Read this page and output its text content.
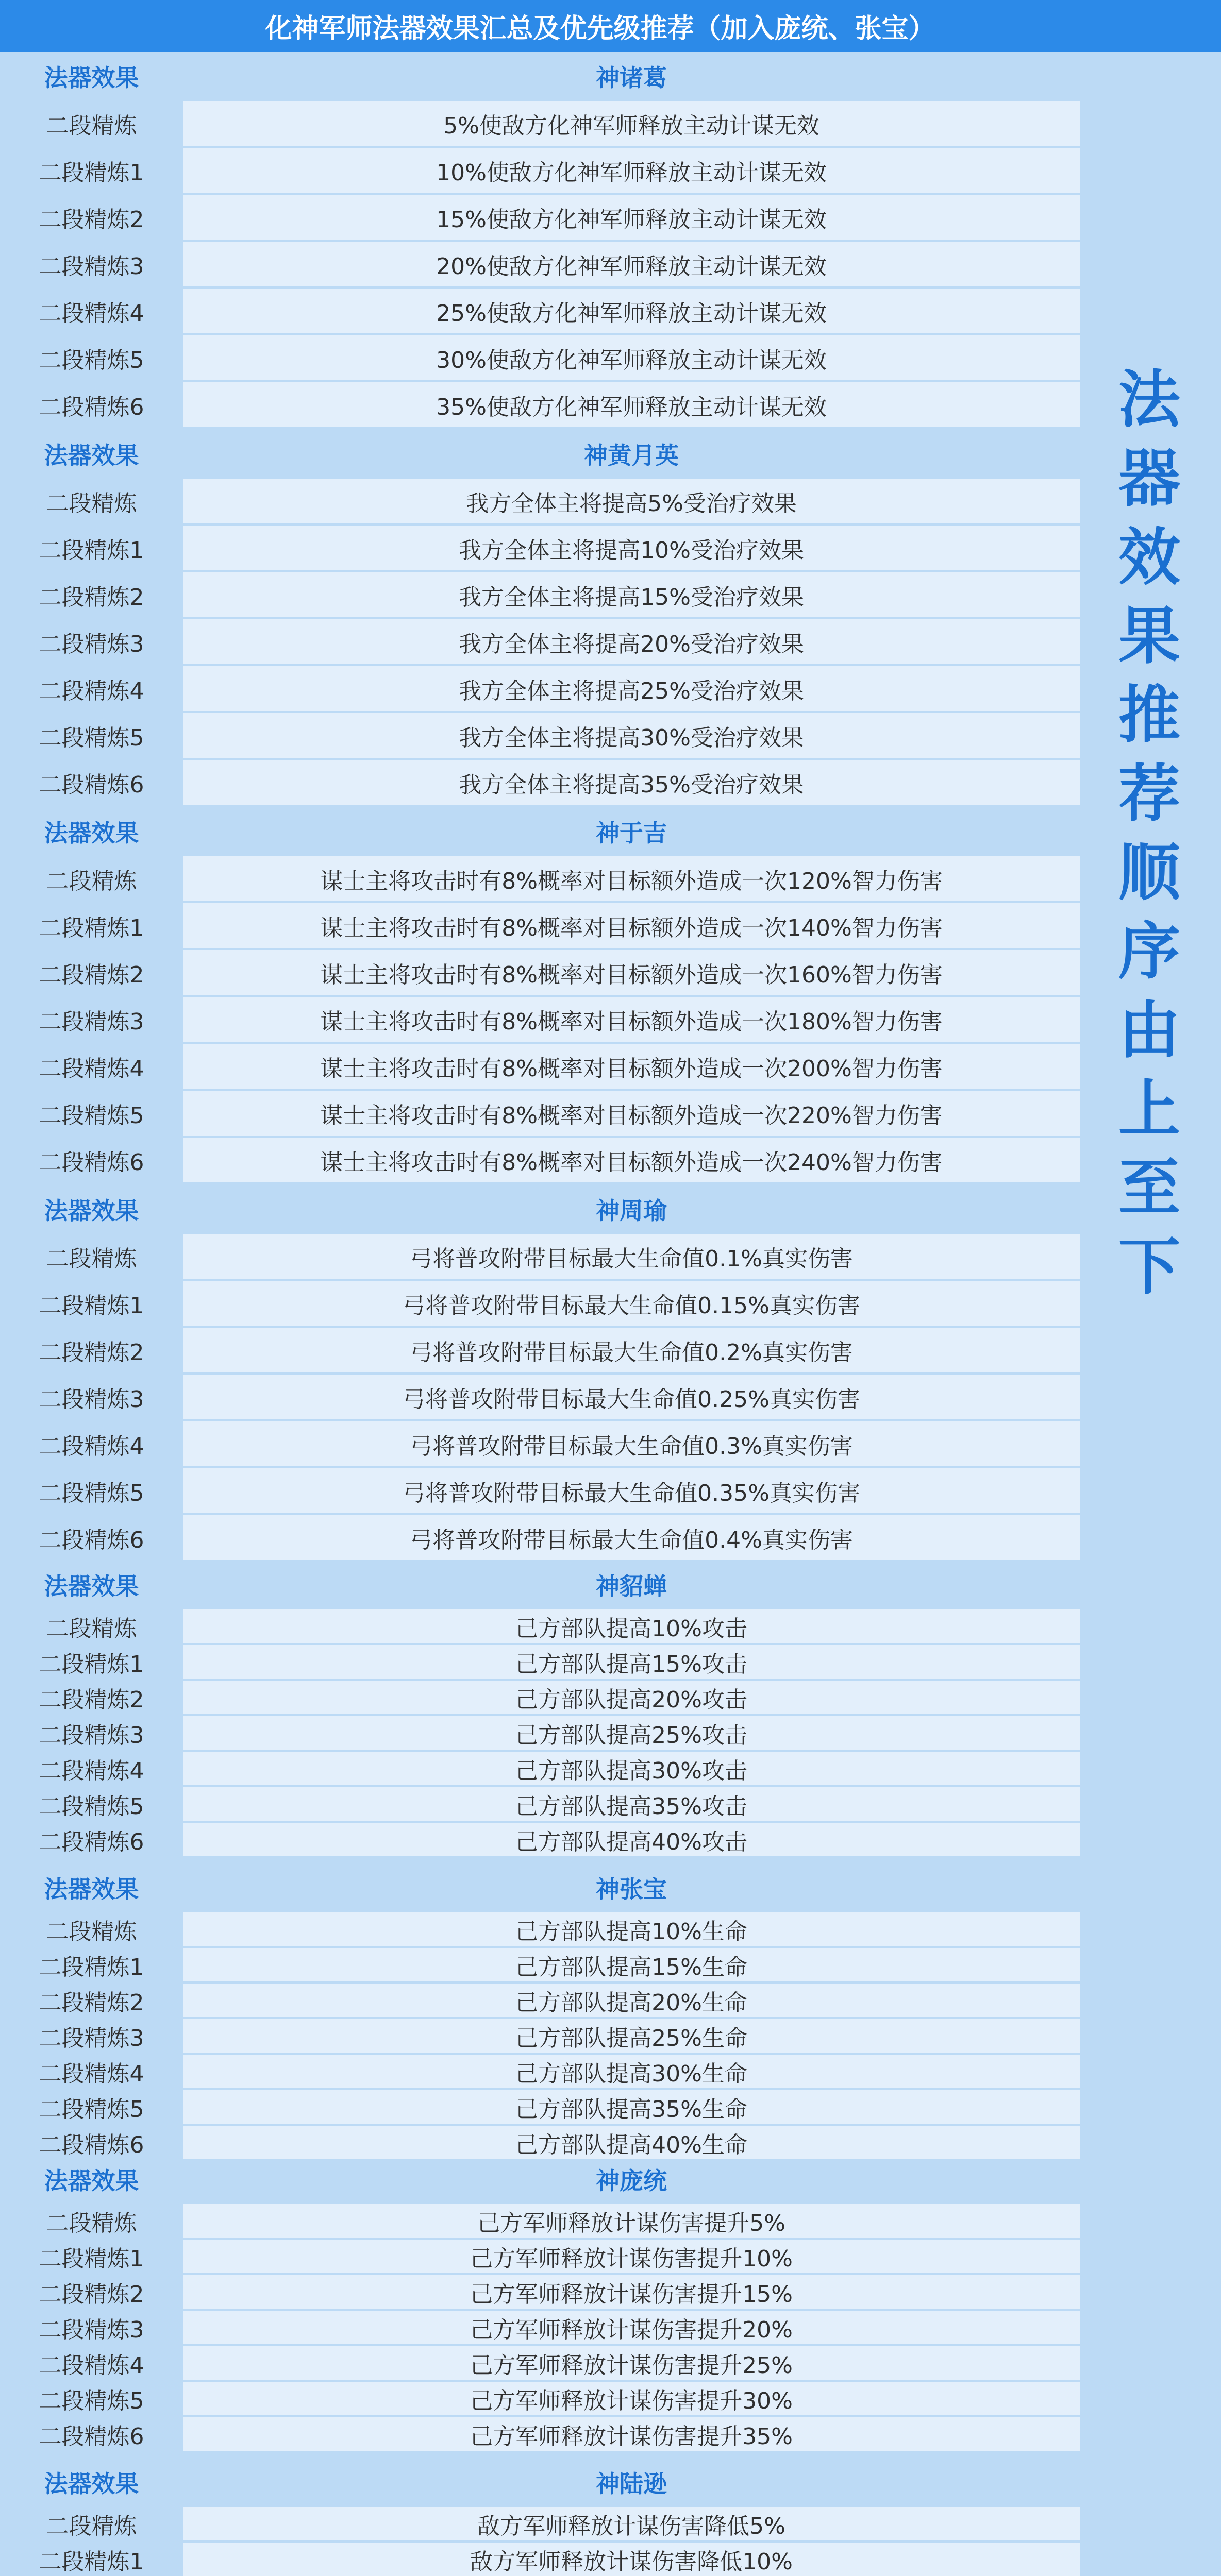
化神军师法器效果汇总及优先级推荐（加入庞统、张宝）
法器效果	神诸葛
二段精炼	5%使敌方化神军师释放主动计谋无效
二段精炼1	10%使敌方化神军师释放主动计谋无效
二段精炼2	15%使敌方化神军师释放主动计谋无效
二段精炼3	20%使敌方化神军师释放主动计谋无效
二段精炼4	25%使敌方化神军师释放主动计谋无效
二段精炼5	30%使敌方化神军师释放主动计谋无效
二段精炼6	35%使敌方化神军师释放主动计谋无效
法器效果	神黄月英
二段精炼	我方全体主将提高5%受治疗效果
二段精炼1	我方全体主将提高10%受治疗效果
二段精炼2	我方全体主将提高15%受治疗效果
二段精炼3	我方全体主将提高20%受治疗效果
二段精炼4	我方全体主将提高25%受治疗效果
二段精炼5	我方全体主将提高30%受治疗效果
二段精炼6	我方全体主将提高35%受治疗效果
法器效果	神于吉
二段精炼	谋士主将攻击时有8%概率对目标额外造成一次120%智力伤害
二段精炼1	谋士主将攻击时有8%概率对目标额外造成一次140%智力伤害
二段精炼2	谋士主将攻击时有8%概率对目标额外造成一次160%智力伤害
二段精炼3	谋士主将攻击时有8%概率对目标额外造成一次180%智力伤害
二段精炼4	谋士主将攻击时有8%概率对目标额外造成一次200%智力伤害
二段精炼5	谋士主将攻击时有8%概率对目标额外造成一次220%智力伤害
二段精炼6	谋士主将攻击时有8%概率对目标额外造成一次240%智力伤害
法器效果	神周瑜
二段精炼	弓将普攻附带目标最大生命值0.1%真实伤害
二段精炼1	弓将普攻附带目标最大生命值0.15%真实伤害
二段精炼2	弓将普攻附带目标最大生命值0.2%真实伤害
二段精炼3	弓将普攻附带目标最大生命值0.25%真实伤害
二段精炼4	弓将普攻附带目标最大生命值0.3%真实伤害
二段精炼5	弓将普攻附带目标最大生命值0.35%真实伤害
二段精炼6	弓将普攻附带目标最大生命值0.4%真实伤害
法器效果	神貂蝉
二段精炼	己方部队提高10%攻击
二段精炼1	己方部队提高15%攻击
二段精炼2	己方部队提高20%攻击
二段精炼3	己方部队提高25%攻击
二段精炼4	己方部队提高30%攻击
二段精炼5	己方部队提高35%攻击
二段精炼6	己方部队提高40%攻击
法器效果	神张宝
二段精炼	己方部队提高10%生命
二段精炼1	己方部队提高15%生命
二段精炼2	己方部队提高20%生命
二段精炼3	己方部队提高25%生命
二段精炼4	己方部队提高30%生命
二段精炼5	己方部队提高35%生命
二段精炼6	己方部队提高40%生命
法器效果	神庞统
二段精炼	己方军师释放计谋伤害提升5%
二段精炼1	己方军师释放计谋伤害提升10%
二段精炼2	己方军师释放计谋伤害提升15%
二段精炼3	己方军师释放计谋伤害提升20%
二段精炼4	己方军师释放计谋伤害提升25%
二段精炼5	己方军师释放计谋伤害提升30%
二段精炼6	己方军师释放计谋伤害提升35%
法器效果	神陆逊
二段精炼	敌方军师释放计谋伤害降低5%
二段精炼1	敌方军师释放计谋伤害降低10%
法
器
效
果
推
荐
顺
序
由
上
至
下
